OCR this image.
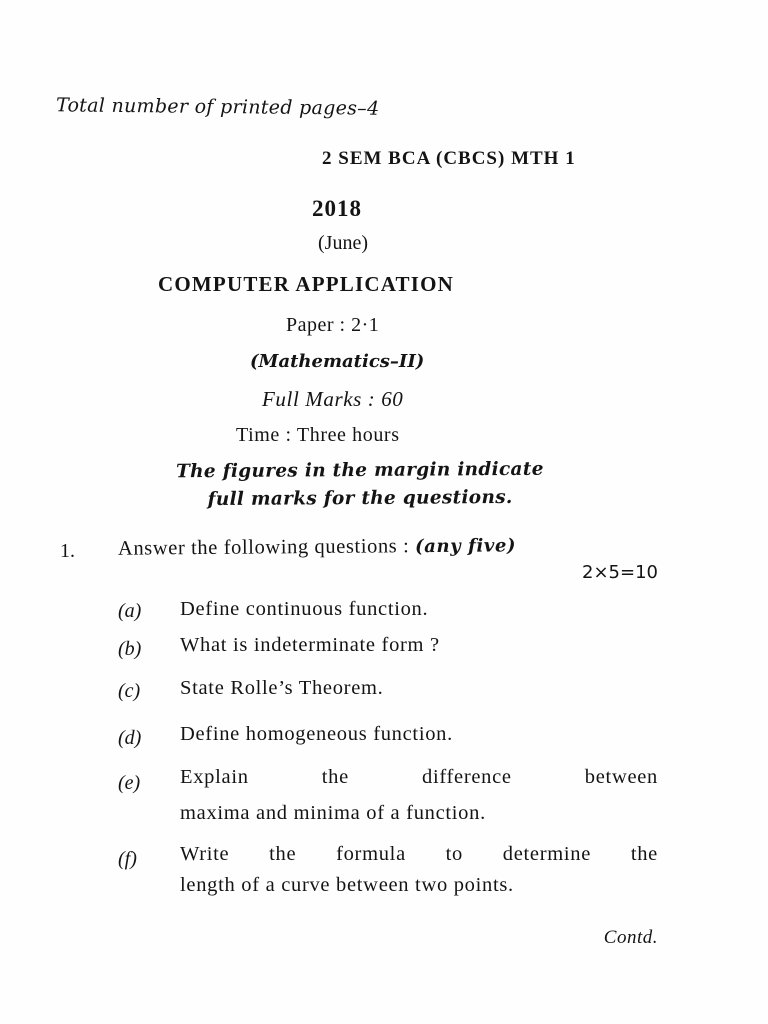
Total number of printed pages–4
2 SEM BCA (CBCS) MTH 1
2018
(June)
COMPUTER APPLICATION
Paper : 2·1
(Mathematics–II)
Full Marks : 60
Time : Three hours
The figures in the margin indicate
full marks for the questions.
1. Answer the following questions : (any five)
2×5=10
(a) Define continuous function.
(b) What is indeterminate form ?
(c) State Rolle’s Theorem.
(d) Define homogeneous function.
(e) Explain the difference between
maxima and minima of a function.
(f) Write the formula to determine the
length of a curve between two points.
Contd.
